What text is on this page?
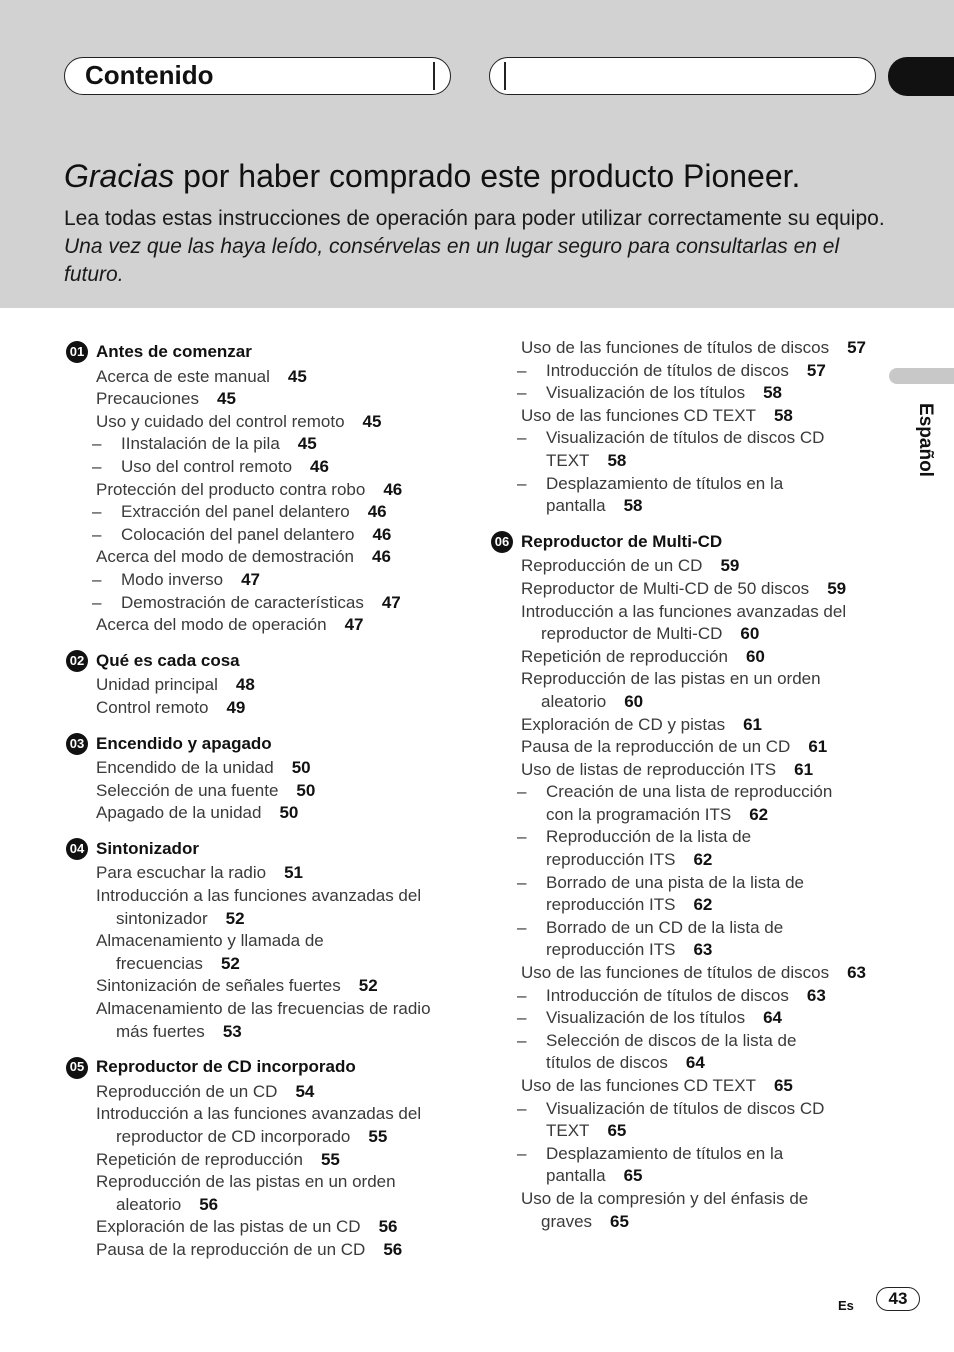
Contenido
Gracias por haber comprado este producto Pioneer.
Lea todas estas instrucciones de operación para poder utilizar correctamente su equipo. Una vez que las haya leído, consérvelas en un lugar seguro para consultarlas en el futuro.
01 Antes de comenzar
Acerca de este manual 45
Precauciones 45
Uso y cuidado del control remoto 45
– IInstalación de la pila 45
– Uso del control remoto 46
Protección del producto contra robo 46
– Extracción del panel delantero 46
– Colocación del panel delantero 46
Acerca del modo de demostración 46
– Modo inverso 47
– Demostración de características 47
Acerca del modo de operación 47
02 Qué es cada cosa
Unidad principal 48
Control remoto 49
03 Encendido y apagado
Encendido de la unidad 50
Selección de una fuente 50
Apagado de la unidad 50
04 Sintonizador
Para escuchar la radio 51
Introducción a las funciones avanzadas del
sintonizador 52
Almacenamiento y llamada de
frecuencias 52
Sintonización de señales fuertes 52
Almacenamiento de las frecuencias de radio
más fuertes 53
05 Reproductor de CD incorporado
Reproducción de un CD 54
Introducción a las funciones avanzadas del
reproductor de CD incorporado 55
Repetición de reproducción 55
Reproducción de las pistas en un orden
aleatorio 56
Exploración de las pistas de un CD 56
Pausa de la reproducción de un CD 56
Uso de las funciones de títulos de discos 57
– Introducción de títulos de discos 57
– Visualización de los títulos 58
Uso de las funciones CD TEXT 58
– Visualización de títulos de discos CD
TEXT 58
– Desplazamiento de títulos en la
pantalla 58
06 Reproductor de Multi-CD
Reproducción de un CD 59
Reproductor de Multi-CD de 50 discos 59
Introducción a las funciones avanzadas del
reproductor de Multi-CD 60
Repetición de reproducción 60
Reproducción de las pistas en un orden
aleatorio 60
Exploración de CD y pistas 61
Pausa de la reproducción de un CD 61
Uso de listas de reproducción ITS 61
– Creación de una lista de reproducción
con la programación ITS 62
– Reproducción de la lista de
reproducción ITS 62
– Borrado de una pista de la lista de
reproducción ITS 62
– Borrado de un CD de la lista de
reproducción ITS 63
Uso de las funciones de títulos de discos 63
– Introducción de títulos de discos 63
– Visualización de los títulos 64
– Selección de discos de la lista de
títulos de discos 64
Uso de las funciones CD TEXT 65
– Visualización de títulos de discos CD
TEXT 65
– Desplazamiento de títulos en la
pantalla 65
Uso de la compresión y del énfasis de
graves 65
Español
Es	43
